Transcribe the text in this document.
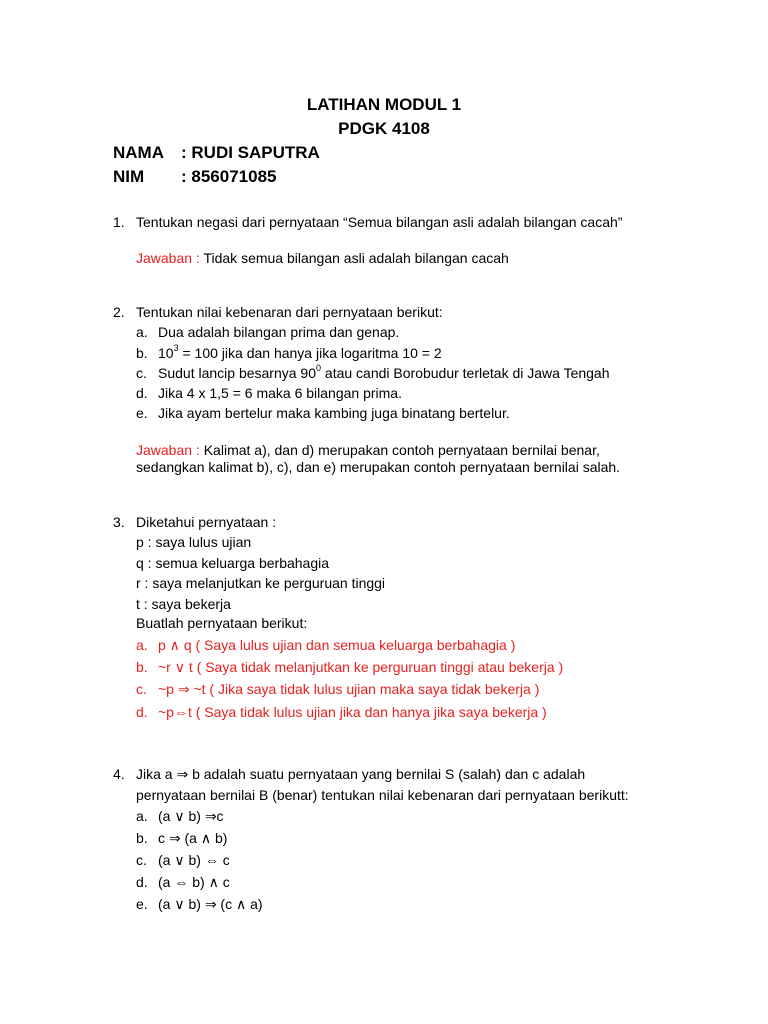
LATIHAN MODUL 1
PDGK 4108
NAMA : RUDI SAPUTRA
NIM : 856071085
1. Tentukan negasi dari pernyataan “Semua bilangan asli adalah bilangan cacah”
Jawaban : Tidak semua bilangan asli adalah bilangan cacah
2. Tentukan nilai kebenaran dari pernyataan berikut:
a. Dua adalah bilangan prima dan genap.
b. $10^3 = 100$ jika dan hanya jika logaritma 10 = 2
c. Sudut lancip besarnya $90^0$ atau candi Borobudur terletak di Jawa Tengah
d. Jika 4 x 1,5 = 6 maka 6 bilangan prima.
e. Jika ayam bertelur maka kambing juga binatang bertelur.
Jawaban : Kalimat a), dan d) merupakan contoh pernyataan bernilai benar,
sedangkan kalimat b), c), dan e) merupakan contoh pernyataan bernilai salah.
3. Diketahui pernyataan :
p : saya lulus ujian
q : semua keluarga berbahagia
r : saya melanjutkan ke perguruan tinggi
t : saya bekerja
Buatlah pernyataan berikut:
a. p ∧ q ( Saya lulus ujian dan semua keluarga berbahagia )
b. ~r ∨ t ( Saya tidak melanjutkan ke perguruan tinggi atau bekerja )
c. ~p ⇒ ~t ( Jika saya tidak lulus ujian maka saya tidak bekerja )
d. ~p⇔t ( Saya tidak lulus ujian jika dan hanya jika saya bekerja )
4. Jika a ⇒ b adalah suatu pernyataan yang bernilai S (salah) dan c adalah
pernyataan bernilai B (benar) tentukan nilai kebenaran dari pernyataan berikutt:
a. (a ∨ b) ⇒c
b. c ⇒ (a ∧ b)
c. (a ∨ b) ⇔ c
d. (a ⇔ b) ∧ c
e. (a ∨ b) ⇒ (c ∧ a)
